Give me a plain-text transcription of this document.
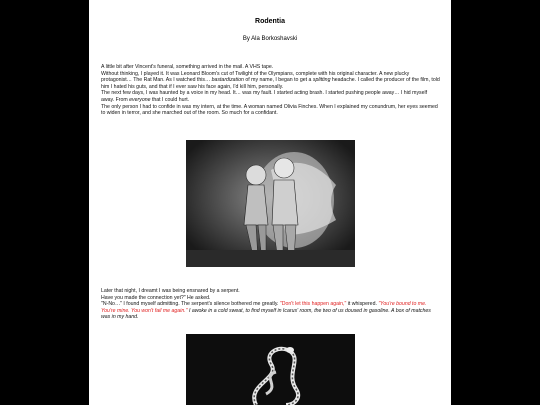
Rodentia
By Ala Borkoshavski

A little bit after Vincent's funeral, something arrived in the mail. A VHS tape.

Without thinking, I played it. It was Leonard Bloom's cut of Twilight of the Olympians, complete with his original character. A new plucky protagonist… The Rat Man. As I watched this… bastardization of my name, I began to get a splitting headache. I called the producer of the film, told him I hated his guts, and that if I ever saw his face again, I'd kill him, personally.

The next few days, I was haunted by a voice in my head. It… was my fault. I started acting brash. I started pushing people away… I hid myself away. From everyone that I could hurt.

The only person I had to confide in was my intern, at the time. A woman named Olivia Finches. When I explained my conundrum, her eyes seemed to widen in terror, and she marched out of the room. So much for a confidant.

Later that night, I dreamt I was being ensnared by a serpent.

Have you made the connection yet?" He asked.

"N-No…" I found myself admitting. The serpent's silence bothered me greatly. "Don't let this happen again," it whispered. "You're bound to me. You're mine. You won't fail me again." I awoke in a cold sweat, to find myself in Icarus' room, the two of us doused in gasoline. A box of matches was in my hand.
